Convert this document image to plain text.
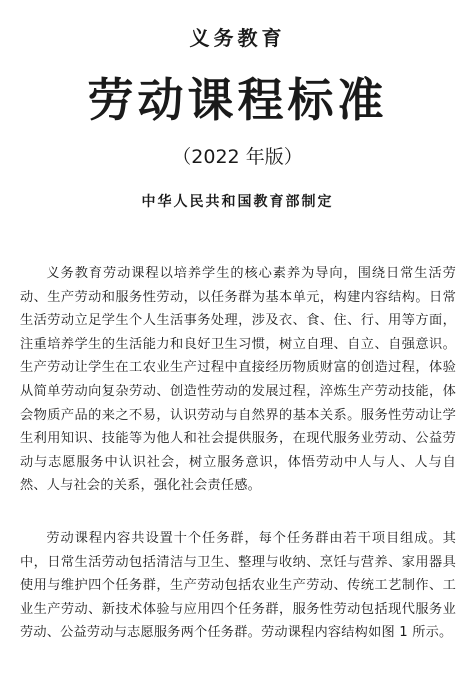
义务教育
劳动课程标准
（2022 年版）
中华人民共和国教育部制定

义务教育劳动课程以培养学生的核心素养为导向，围绕日常生活劳动、生产劳动和服务性劳动，以任务群为基本单元，构建内容结构。日常生活劳动立足学生个人生活事务处理，涉及衣、食、住、行、用等方面，注重培养学生的生活能力和良好卫生习惯，树立自理、自立、自强意识。生产劳动让学生在工农业生产过程中直接经历物质财富的创造过程，体验从简单劳动向复杂劳动、创造性劳动的发展过程，淬炼生产劳动技能，体会物质产品的来之不易，认识劳动与自然界的基本关系。服务性劳动让学生利用知识、技能等为他人和社会提供服务，在现代服务业劳动、公益劳动与志愿服务中认识社会，树立服务意识，体悟劳动中人与人、人与自然、人与社会的关系，强化社会责任感。

劳动课程内容共设置十个任务群，每个任务群由若干项目组成。其中，日常生活劳动包括清洁与卫生、整理与收纳、烹饪与营养、家用器具使用与维护四个任务群，生产劳动包括农业生产劳动、传统工艺制作、工业生产劳动、新技术体验与应用四个任务群，服务性劳动包括现代服务业劳动、公益劳动与志愿服务两个任务群。劳动课程内容结构如图 1 所示。
